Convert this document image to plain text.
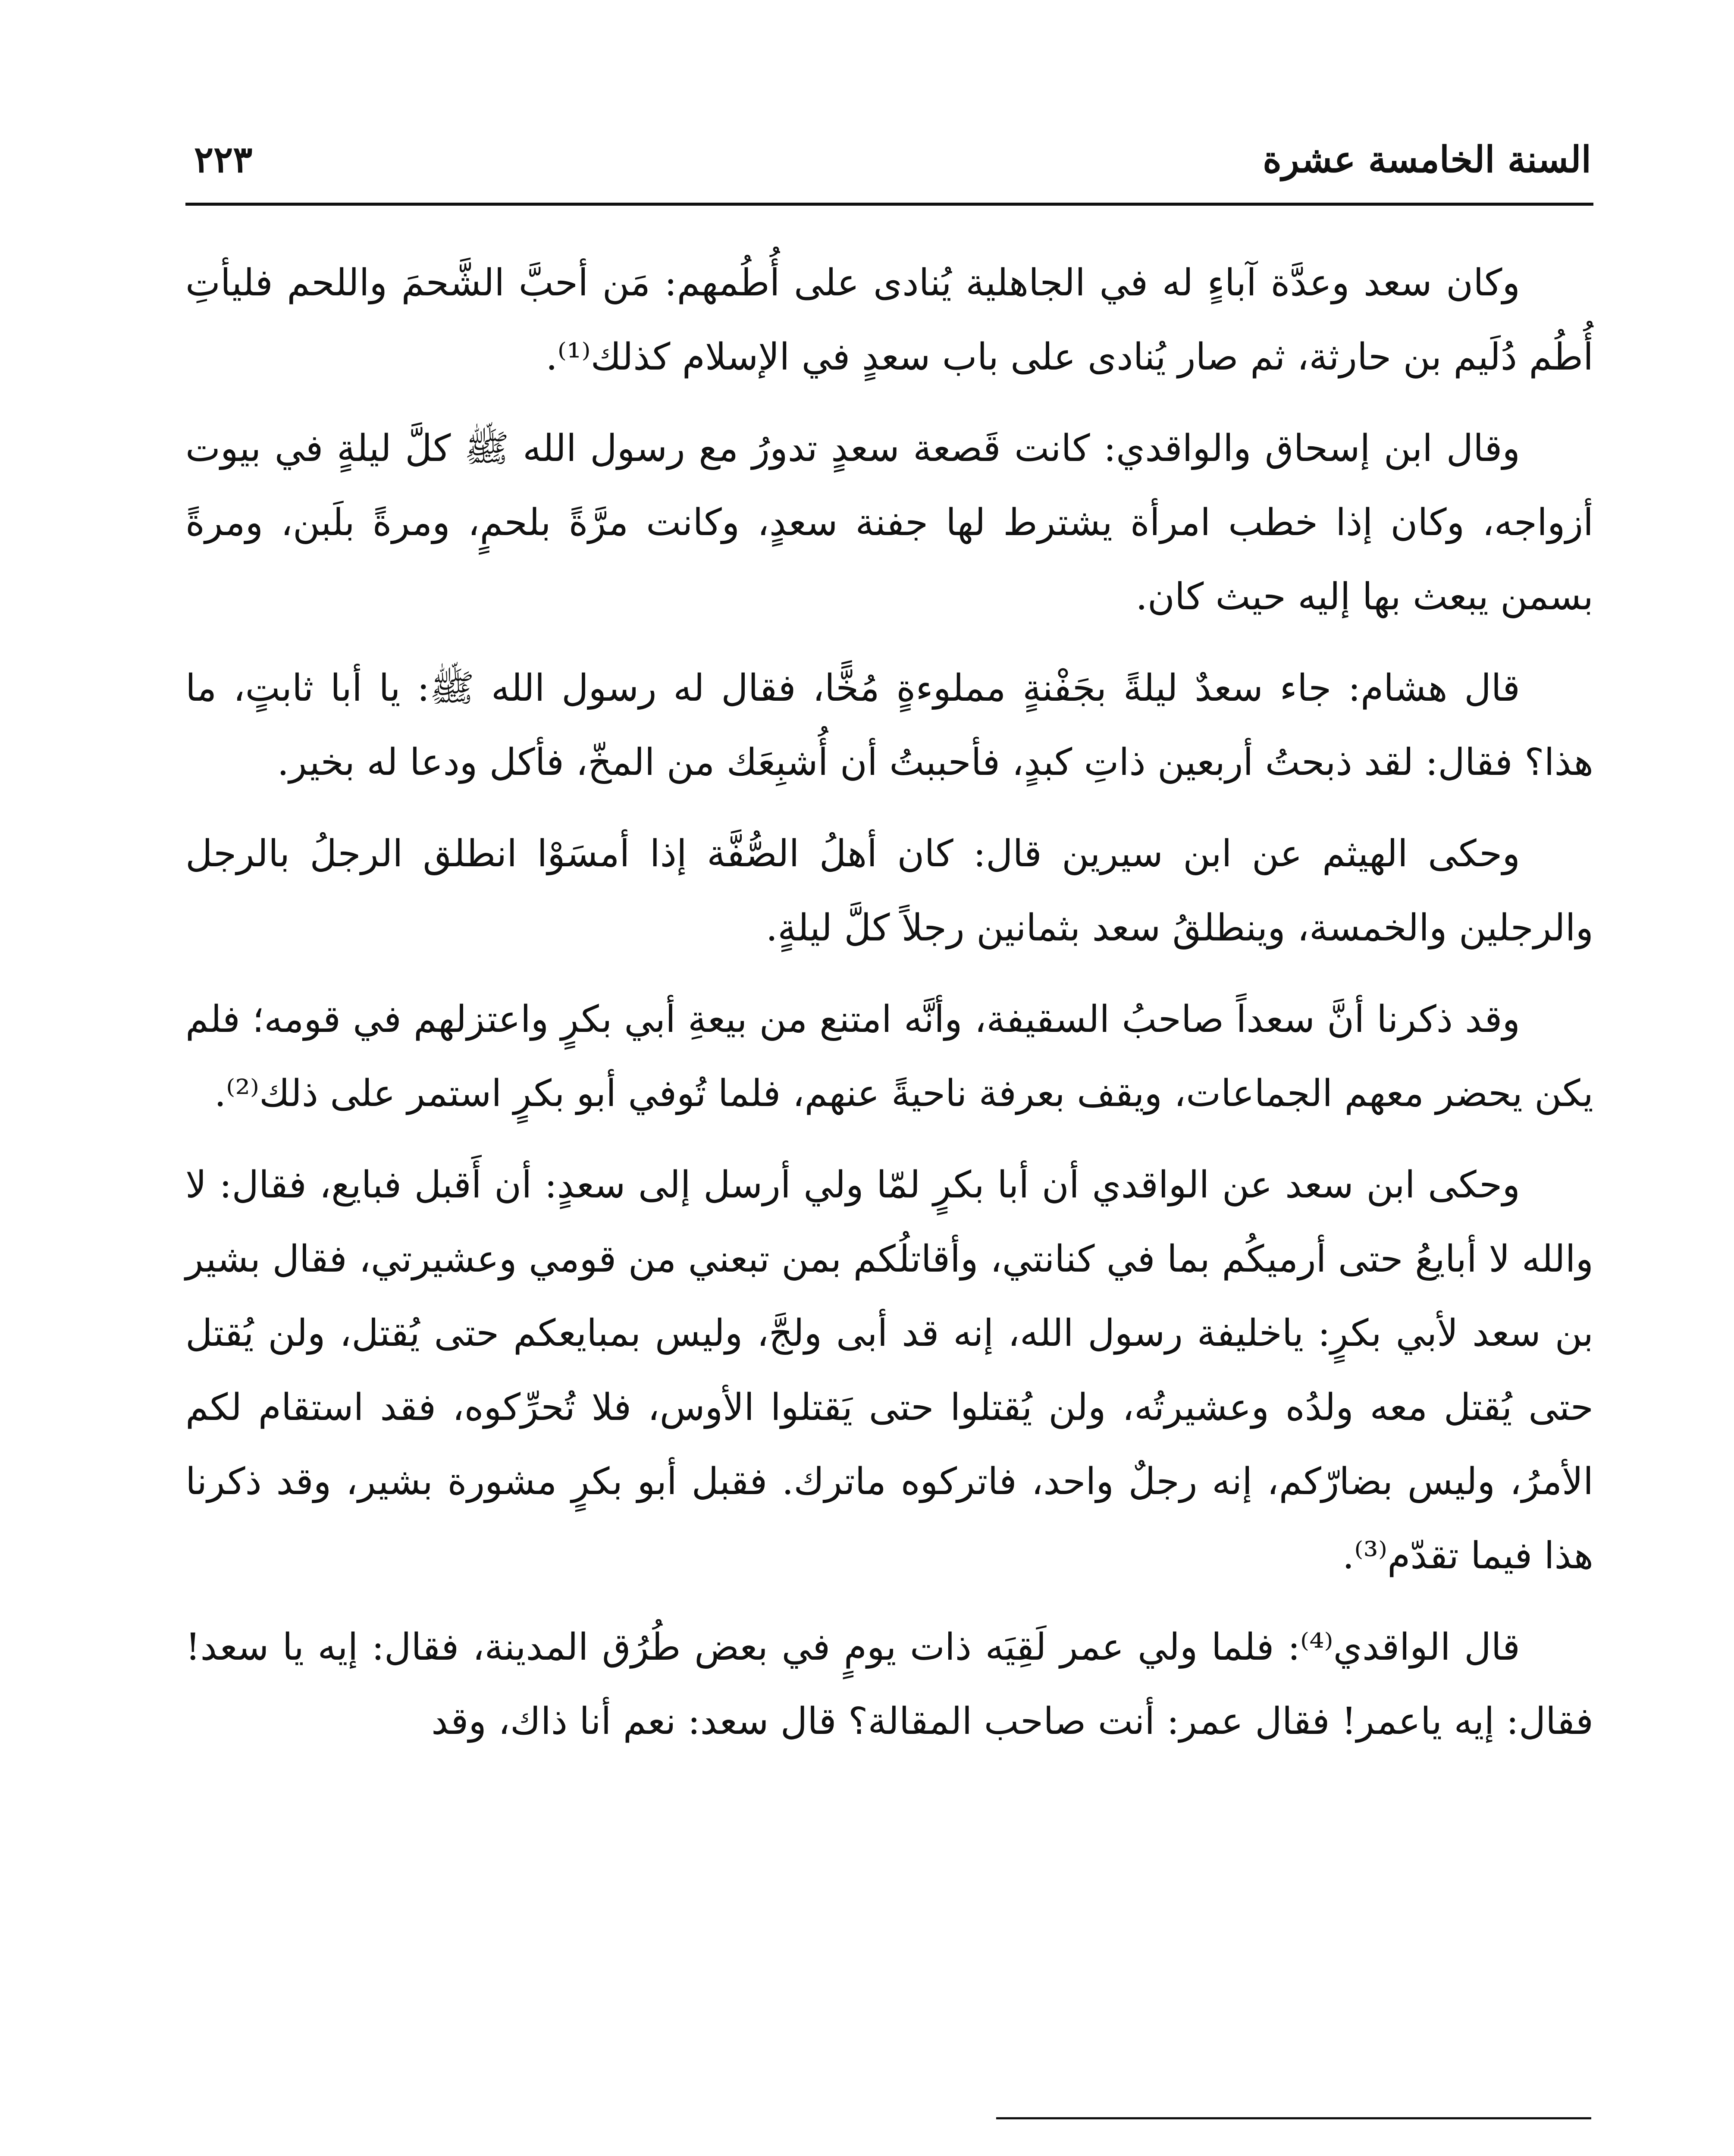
السنة الخامسة عشرة
٢٢٣

وكان سعد وعدَّة آباءٍ له في الجاهلية يُنادى على أُطُمهم: مَن أحبَّ الشَّحمَ واللحم فليأتِ أُطُم دُلَيم بن حارثة، ثم صار يُنادى على باب سعدٍ في الإسلام كذلك⁽¹⁾.

وقال ابن إسحاق والواقدي: كانت قَصعة سعدٍ تدورُ مع رسول الله ﷺ كلَّ ليلةٍ في بيوت أزواجه، وكان إذا خطب امرأة يشترط لها جفنة سعدٍ، وكانت مرَّةً بلحمٍ، ومرةً بلَبن، ومرةً بسمن يبعث بها إليه حيث كان.

قال هشام: جاء سعدٌ ليلةً بجَفْنةٍ مملوءةٍ مُخًّا، فقال له رسول الله ﷺ: يا أبا ثابتٍ، ما هذا؟ فقال: لقد ذبحتُ أربعين ذاتِ كبدٍ، فأحببتُ أن أُشبِعَك من المخّ، فأكل ودعا له بخير.

وحكى الهيثم عن ابن سيرين قال: كان أهلُ الصُّفَّة إذا أمسَوْا انطلق الرجلُ بالرجل والرجلين والخمسة، وينطلقُ سعد بثمانين رجلاً كلَّ ليلةٍ.

وقد ذكرنا أنَّ سعداً صاحبُ السقيفة، وأنَّه امتنع من بيعةِ أبي بكرٍ واعتزلهم في قومه؛ فلم يكن يحضر معهم الجماعات، ويقف بعرفة ناحيةً عنهم، فلما تُوفي أبو بكرٍ استمر على ذلك⁽²⁾.

وحكى ابن سعد عن الواقدي أن أبا بكرٍ لمّا ولي أرسل إلى سعدٍ: أن أَقبل فبايع، فقال: لا والله لا أبايعُ حتى أرميكُم بما في كنانتي، وأقاتلُكم بمن تبعني من قومي وعشيرتي، فقال بشير بن سعد لأبي بكرٍ: ياخليفة رسول الله، إنه قد أبى ولجَّ، وليس بمبايعكم حتى يُقتل، ولن يُقتل حتى يُقتل معه ولدُه وعشيرتُه، ولن يُقتلوا حتى يَقتلوا الأوس، فلا تُحرِّكوه، فقد استقام لكم الأمرُ، وليس بضارّكم، إنه رجلٌ واحد، فاتركوه ماترك. فقبل أبو بكرٍ مشورة بشير، وقد ذكرنا هذا فيما تقدّم⁽³⁾.

قال الواقدي⁽⁴⁾: فلما ولي عمر لَقِيَه ذات يومٍ في بعض طُرُق المدينة، فقال: إيه يا سعد! فقال: إيه ياعمر! فقال عمر: أنت صاحب المقالة؟ قال سعد: نعم أنا ذاك، وقد
